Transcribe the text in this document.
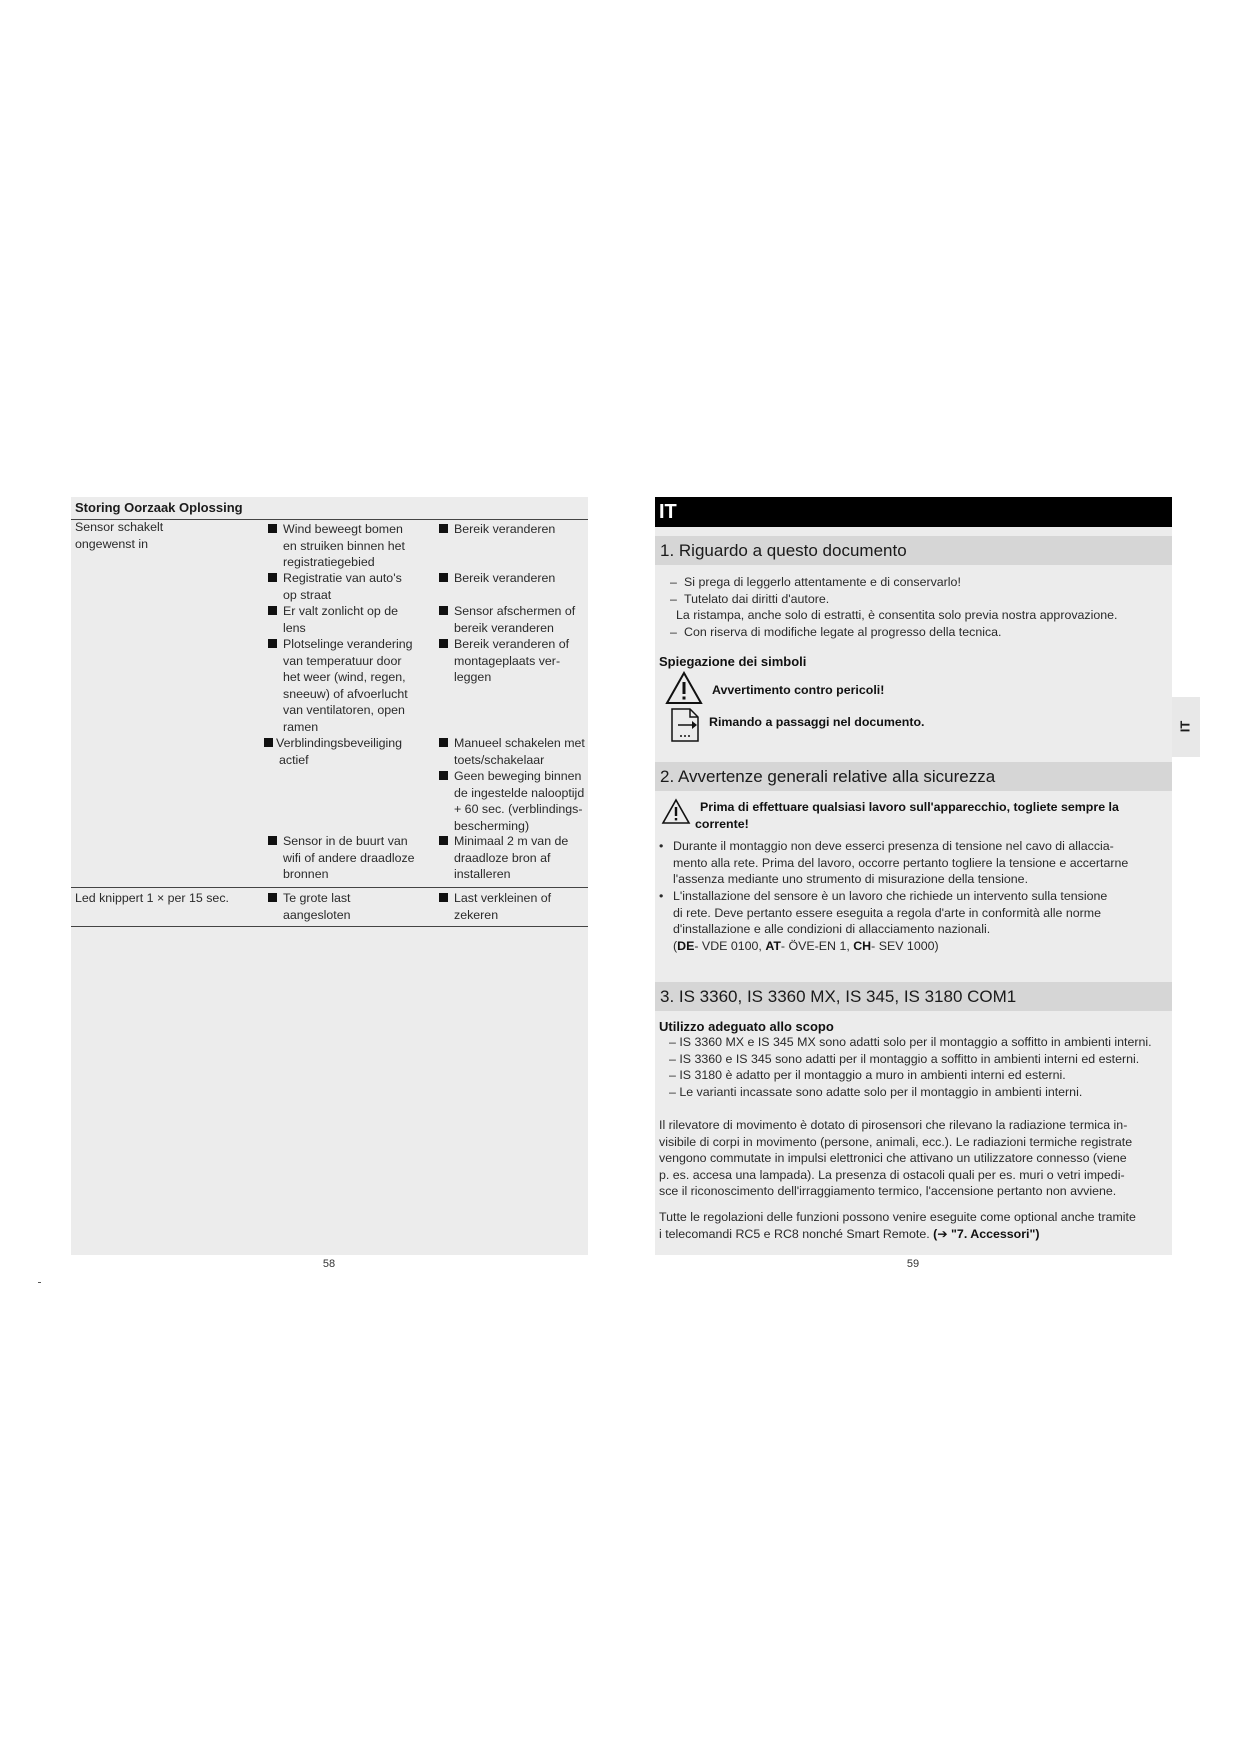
Storing Oorzaak Oplossing
Sensor schakelt
ongewenst in
Wind beweegt bomen
en struiken binnen het
registratiegebied
Bereik veranderen
Registratie van auto's
op straat
Bereik veranderen
Er valt zonlicht op de
lens
Sensor afschermen of
bereik veranderen
Plotselinge verandering
van temperatuur door
het weer (wind, regen,
sneeuw) of afvoerlucht
van ventilatoren, open
ramen
Bereik veranderen of
montageplaats ver-
leggen
Verblindingsbeveiliging
actief
Manueel schakelen met
toets/schakelaar
Geen beweging binnen
de ingestelde nalooptijd
+ 60 sec. (verblindings-
bescherming)
Sensor in de buurt van
wifi of andere draadloze
bronnen
Minimaal 2 m van de
draadloze bron af
installeren
Led knippert 1 × per 15 sec.	Te grote last
aangesloten
Last verkleinen of
zekeren
58
IT
1. Riguardo a questo documento
– Si prega di leggerlo attentamente e di conservarlo!
– Tutelato dai diritti d'autore.
La ristampa, anche solo di estratti, è consentita solo previa nostra approvazione.
– Con riserva di modifiche legate al progresso della tecnica.
Spiegazione dei simboli
Avvertimento contro pericoli!
Rimando a passaggi nel documento.
2. Avvertenze generali relative alla sicurezza
Prima di effettuare qualsiasi lavoro sull'apparecchio, togliete sempre la
corrente!
• Durante il montaggio non deve esserci presenza di tensione nel cavo di allaccia-
mento alla rete. Prima del lavoro, occorre pertanto togliere la tensione e accertarne
l'assenza mediante uno strumento di misurazione della tensione.
• L'installazione del sensore è un lavoro che richiede un intervento sulla tensione
di rete. Deve pertanto essere eseguita a regola d'arte in conformità alle norme
d'installazione e alle condizioni di allacciamento nazionali.
(DE- VDE 0100, AT- ÖVE-EN 1, CH- SEV 1000)
3. IS 3360, IS 3360 MX, IS 345, IS 3180 COM1
Utilizzo adeguato allo scopo
– IS 3360 MX e IS 345 MX sono adatti solo per il montaggio a soffitto in ambienti interni.
– IS 3360 e IS 345 sono adatti per il montaggio a soffitto in ambienti interni ed esterni.
– IS 3180 è adatto per il montaggio a muro in ambienti interni ed esterni.
– Le varianti incassate sono adatte solo per il montaggio in ambienti interni.
Il rilevatore di movimento è dotato di pirosensori che rilevano la radiazione termica in-
visibile di corpi in movimento (persone, animali, ecc.). Le radiazioni termiche registrate
vengono commutate in impulsi elettronici che attivano un utilizzatore connesso (viene
p. es. accesa una lampada). La presenza di ostacoli quali per es. muri o vetri impedi-
sce il riconoscimento dell'irraggiamento termico, l'accensione pertanto non avviene.
Tutte le regolazioni delle funzioni possono venire eseguite come optional anche tramite
i telecomandi RC5 e RC8 nonché Smart Remote. (➔ "7. Accessori")
59
IT
